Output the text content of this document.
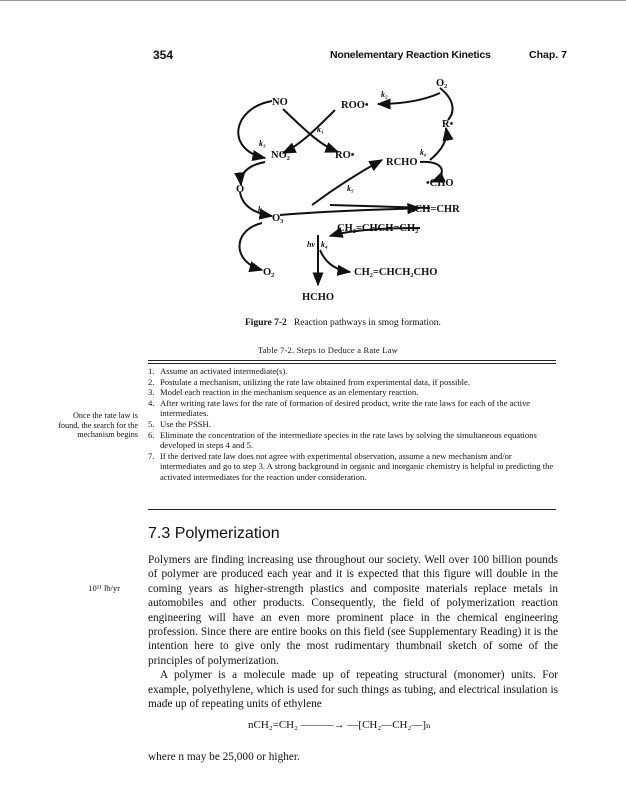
354	Nonelementary Reaction Kinetics	Chap. 7
NO	ROO•
O₂
R•
NO₂	RO•
RCHO
•CHO
O
RCH=CHR
O₃
CH₂=CHCH=CH₂
O₂	CH₂=CHCH₂CHO
HCHO
k₂
k₁
k₃
k₆
k₅
k₃
hν k₄
Figure 7-2 Reaction pathways in smog formation.
Table 7-2. Steps to Deduce a Rate Law
1. Assume an activated intermediate(s).
2. Postulate a mechanism, utilizing the rate law obtained from experimental data, if possible.
3. Model each reaction in the mechanism sequence as an elementary reaction.
4. After writing rate laws for the rate of formation of desired product, write the rate laws for each of the active intermediates.
5. Use the PSSH.
6. Eliminate the concentration of the intermediate species in the rate laws by solving the simultaneous equations developed in steps 4 and 5.
7. If the derived rate law does not agree with experimental observation, assume a new mechanism and/or intermediates and go to step 3. A strong background in organic and inorganic chemistry is helpful in predicting the activated intermediates for the reaction under consideration.
Once the rate law is found, the search for the mechanism begins
10¹¹ lb/yr
7.3 Polymerization

Polymers are finding increasing use throughout our society. Well over 100 billion pounds of polymer are produced each year and it is expected that this figure will double in the coming years as higher-strength plastics and composite materials replace metals in automobiles and other products. Consequently, the field of polymerization reaction engineering will have an even more prominent place in the chemical engineering profession. Since there are entire books on this field (see Supplementary Reading) it is the intention here to give only the most rudimentary thumbnail sketch of some of the principles of polymerization.

A polymer is a molecule made up of repeating structural (monomer) units. For example, polyethylene, which is used for such things as tubing, and electrical insulation is made up of repeating units of ethylene

nCH₂=CH₂ ———→ —[CH₂—CH₂—]ₙ
where n may be 25,000 or higher.
